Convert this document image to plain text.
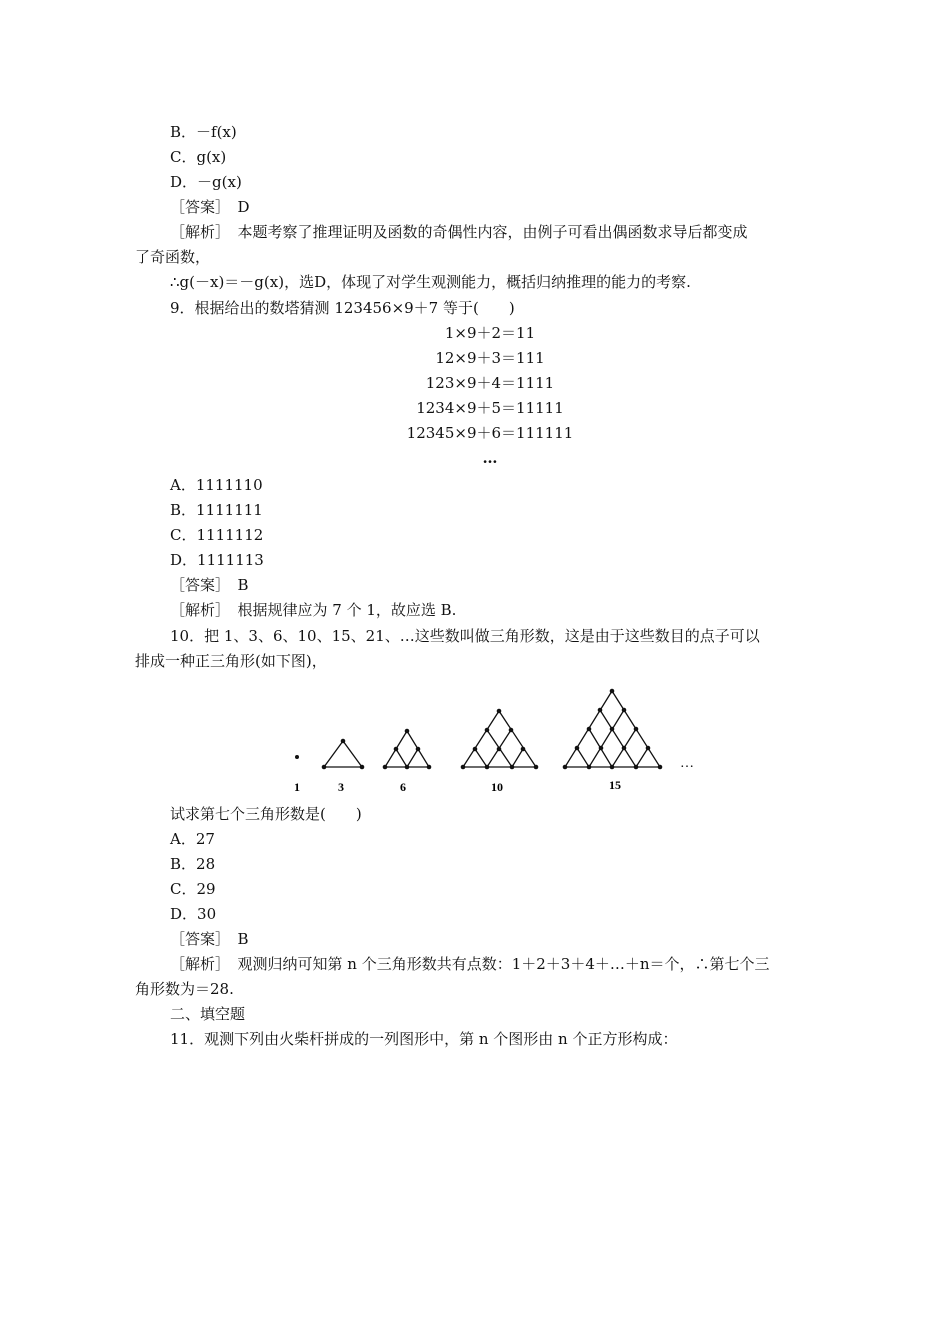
B．－f(x)
C．g(x)
D．－g(x)
［答案］　D
［解析］　本题考察了推理证明及函数的奇偶性内容，由例子可看出偶函数求导后都变成
了奇函数，
∴g(－x)＝－g(x)，选D，体现了对学生观测能力，概括归纳推理的能力的考察.
9．根据给出的数塔猜测 123456×9＋7 等于(　　)
1×9＋2＝11
12×9＋3＝111
123×9＋4＝1111
1234×9＋5＝11111
12345×9＋6＝111111
…
A．1111110
B．1111111
C．1111112
D．1111113
［答案］　B
［解析］　根据规律应为 7 个 1，故应选 B.
10．把 1、3、6、10、15、21、…这些数叫做三角形数，这是由于这些数目的点子可以
排成一种正三角形(如下图)，
1	3	6	10	15
…
试求第七个三角形数是(　　)
A．27
B．28
C．29
D．30
［答案］　B
［解析］　观测归纳可知第 n 个三角形数共有点数：1＋2＋3＋4＋…＋n＝个，∴第七个三
角形数为＝28.
二、填空题
11．观测下列由火柴杆拼成的一列图形中，第 n 个图形由 n 个正方形构成：
